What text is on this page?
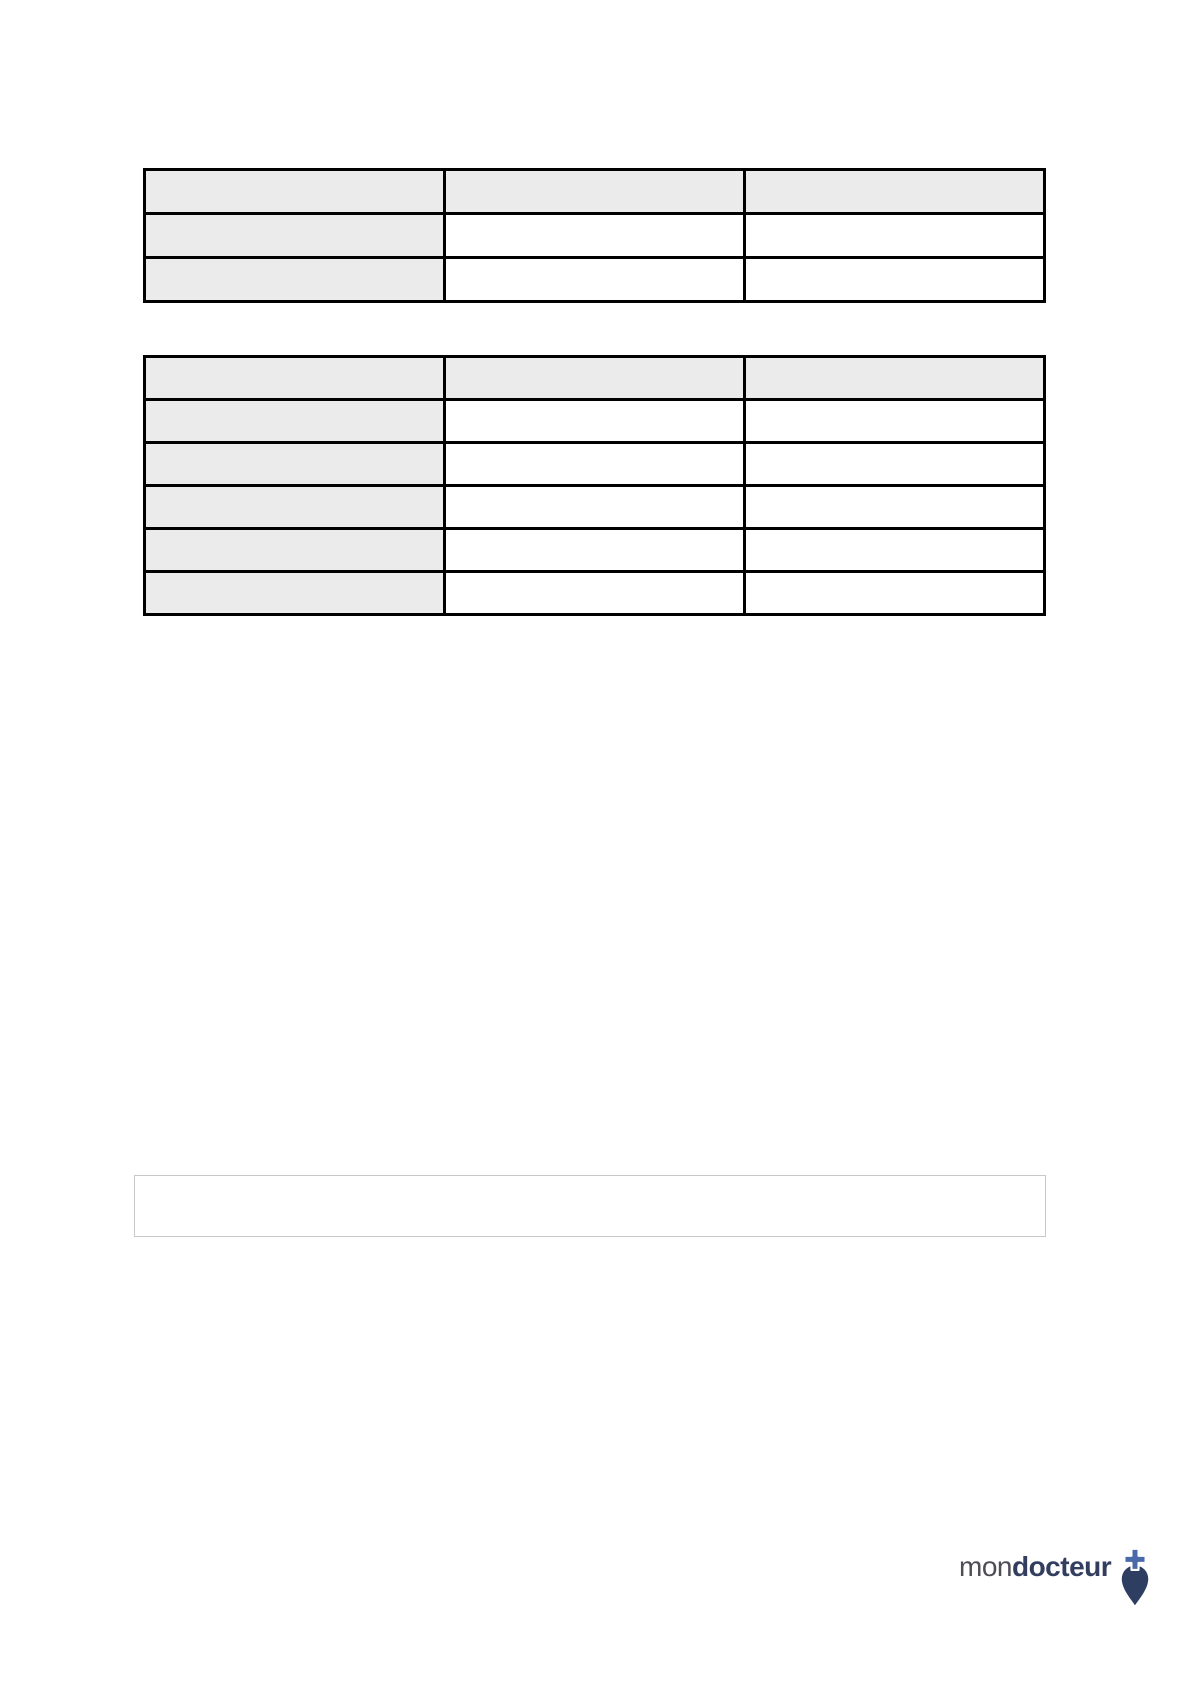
mondocteur
